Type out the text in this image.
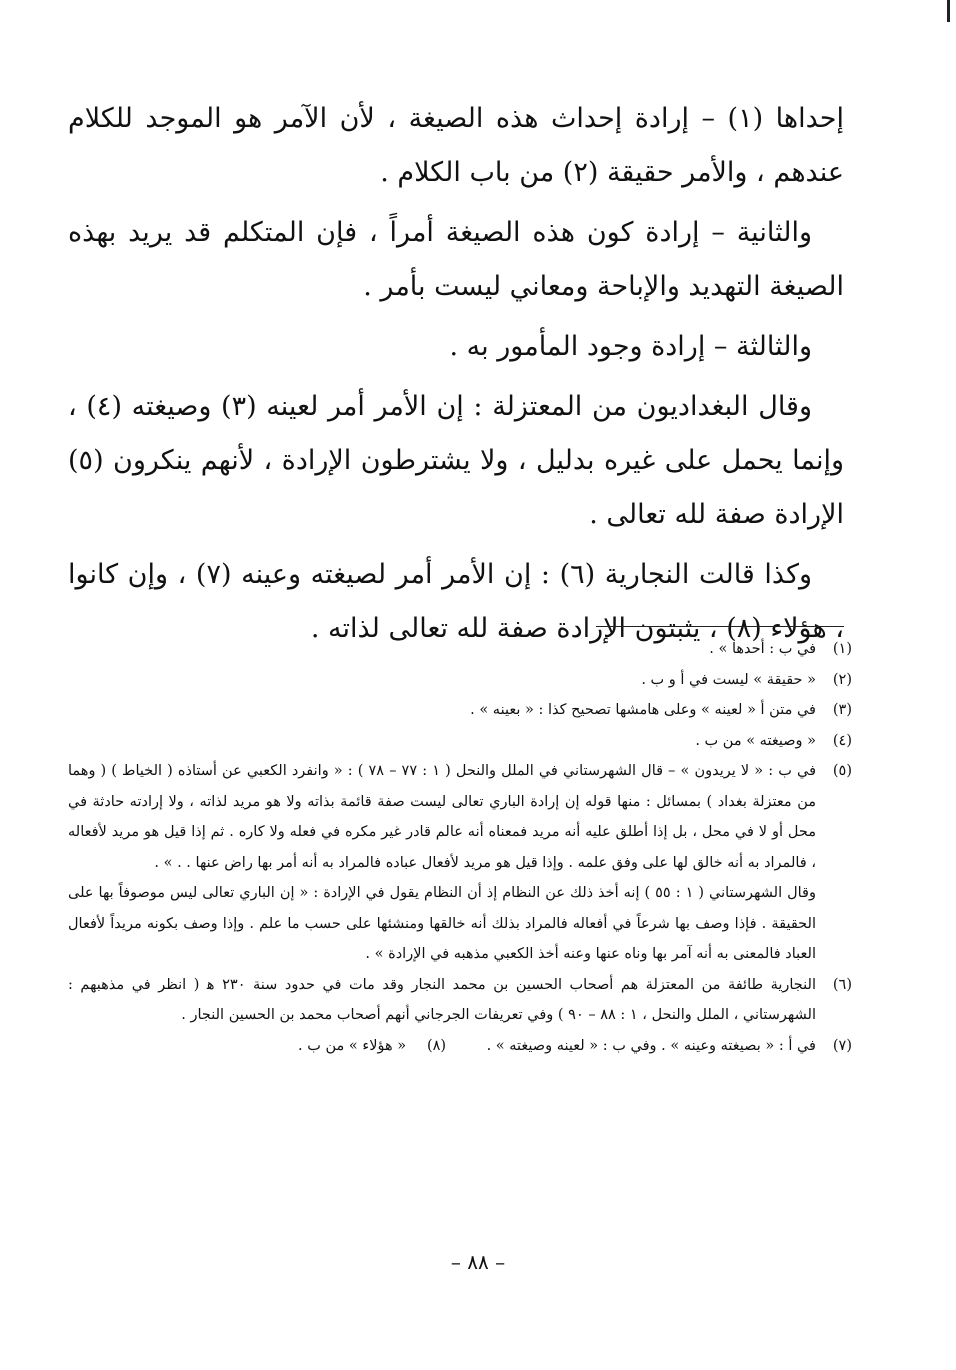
إحداها (١) – إرادة إحداث هذه الصيغة ، لأن الآمر هو الموجد للكلام عندهم ، والأمر حقيقة (٢) من باب الكلام .

والثانية – إرادة كون هذه الصيغة أمراً ، فإن المتكلم قد يريد بهذه الصيغة التهديد والإباحة ومعاني ليست بأمر .

والثالثة – إرادة وجود المأمور به .

وقال البغداديون من المعتزلة : إن الأمر أمر لعينه (٣) وصيغته (٤) ، وإنما يحمل على غيره بدليل ، ولا يشترطون الإرادة ، لأنهم ينكرون (٥) الإرادة صفة لله تعالى .

وكذا قالت النجارية (٦) : إن الأمر أمر لصيغته وعينه (٧) ، وإن كانوا ، هؤلاء (٨) ، يثبتون الإرادة صفة لله تعالى لذاته .

(١)
في ب : أحدها » .
(٢)
« حقيقة » ليست في أ و ب .
(٣)
في متن أ « لعينه » وعلى هامشها تصحيح كذا : « بعينه » .
(٤)
« وصيغته » من ب .
(٥)
في ب : « لا يريدون » – قال الشهرستاني في الملل والنحل ( ١ : ٧٧ – ٧٨ ) : « وانفرد الكعبي عن أستاذه ( الخياط ) ( وهما من معتزلة بغداد ) بمسائل : منها قوله إن إرادة الباري تعالى ليست صفة قائمة بذاته ولا هو مريد لذاته ، ولا إرادته حادثة في محل أو لا في محل ، بل إذا أطلق عليه أنه مريد فمعناه أنه عالم قادر غير مكره في فعله ولا كاره . ثم إذا قيل هو مريد لأفعاله ، فالمراد به أنه خالق لها على وفق علمه . وإذا قيل هو مريد لأفعال عباده فالمراد به أنه أمر بها راض عنها . . » .
وقال الشهرستاني ( ١ : ٥٥ ) إنه أخذ ذلك عن النظام إذ أن النظام يقول في الإرادة : « إن الباري تعالى ليس موصوفاً بها على الحقيقة . فإذا وصف بها شرعاً في أفعاله فالمراد بذلك أنه خالقها ومنشئها على حسب ما علم . وإذا وصف بكونه مريداً لأفعال العباد فالمعنى به أنه آمر بها وناه عنها وعنه أخذ الكعبي مذهبه في الإرادة » .
(٦)
النجارية طائفة من المعتزلة هم أصحاب الحسين بن محمد النجار وقد مات في حدود سنة ٢٣٠ ﻫ ( انظر في مذهبهم : الشهرستاني ، الملل والنحل ، ١ : ٨٨ – ٩٠ ) وفي تعريفات الجرجاني أنهم أصحاب محمد بن الحسين النجار .
(٧)
في أ : « بصيغته وعينه » . وفي ب : « لعينه وصيغته » .
(٨)
« هؤلاء » من ب .
– ٨٨ –
